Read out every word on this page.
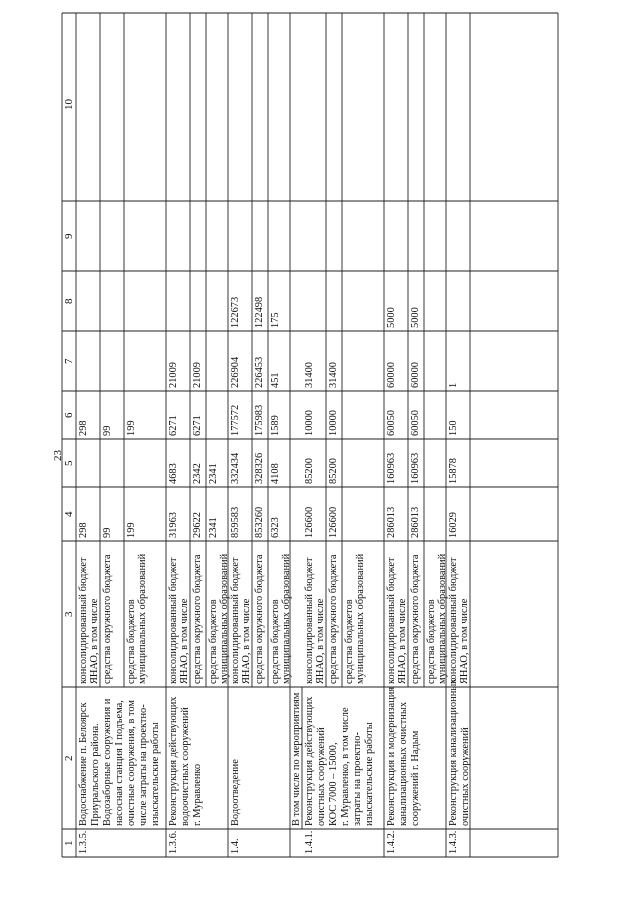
23
1
2
3
4
5
6
7
8
9
10
1.3.5.
Водоснабжение п. Белоярск Приуральского района. Водозаборные сооружения и насосная станция I подъема, очистные сооружения, в том числе затраты на проектно- изыскательские работы
консолидированный бюджет ЯНАО, в том числе
298
298
средства окружного бюджета
99
99
средства бюджетов муниципальных образований
199
199
1.3.6.
Реконструкция действующих водоочистных сооружений г. Муравленко
консолидированный бюджет ЯНАО, в том числе
31963
4683
6271
21009
средства окружного бюджета
29622
2342
6271
21009
средства бюджетов муниципальных образований
2341
2341
1.4.
Водоотведение
консолидированный бюджет ЯНАО, в том числе
859583
332434
177572
226904
122673
средства окружного бюджета
853260
328326
175983
226453
122498
средства бюджетов муниципальных образований
6323
4108
1589
451
175
В том числе по мероприятиям
1.4.1.
Реконструкция действующих очистных сооружений КОС 7000 – 15000, г. Муравленко, в том числе затраты на проектно- изыскательские работы
консолидированный бюджет ЯНАО, в том числе
126600
85200
10000
31400
средства окружного бюджета
126600
85200
10000
31400
средства бюджетов муниципальных образований
1.4.2.
Реконструкция и модернизация канализационных очистных сооружений г. Надым
консолидированный бюджет ЯНАО, в том числе
286013
160963
60050
60000
5000
средства окружного бюджета
286013
160963
60050
60000
5000
средства бюджетов муниципальных образований
1.4.3.
Реконструкция канализационных очистных сооружений
консолидированный бюджет ЯНАО, в том числе
16029
15878
150
1
